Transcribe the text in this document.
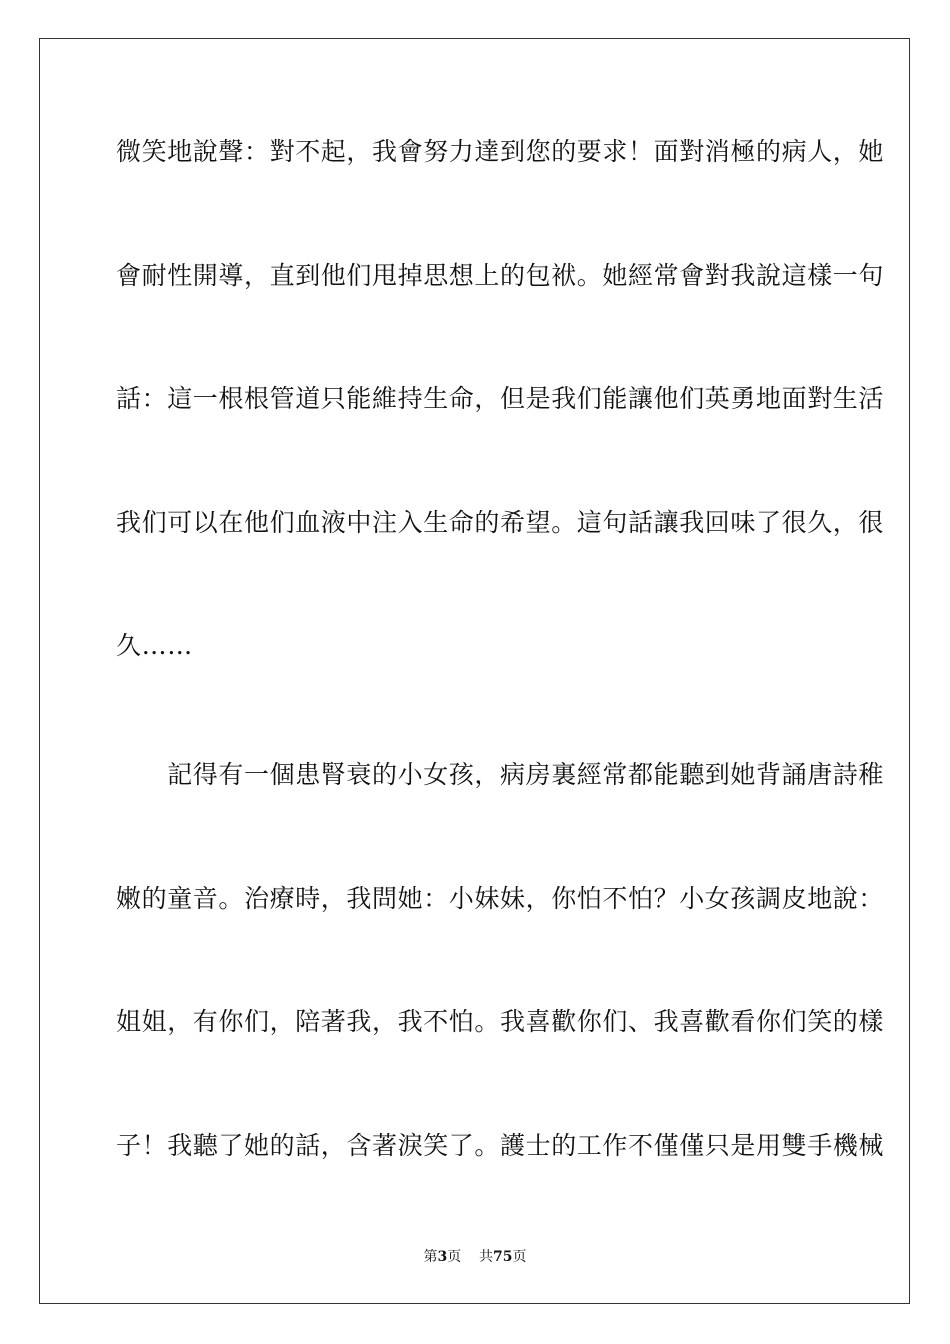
微笑地說聲：對不起，我會努力達到您的要求！面對消極的病人，她
會耐性開導，直到他们甩掉思想上的包袱。她經常會對我說這樣一句
話：這一根根管道只能維持生命，但是我们能讓他们英勇地面對生活
我们可以在他们血液中注入生命的希望。這句話讓我回味了很久，很
久……
　　記得有一個患腎衰的小女孩，病房裏經常都能聽到她背誦唐詩稚
嫩的童音。治療時，我問她：小妹妹，你怕不怕？小女孩調皮地說：
姐姐，有你们，陪著我，我不怕。我喜歡你们、我喜歡看你们笑的樣
子！我聽了她的話，含著淚笑了。護士的工作不僅僅只是用雙手機械
第3页 共75页
